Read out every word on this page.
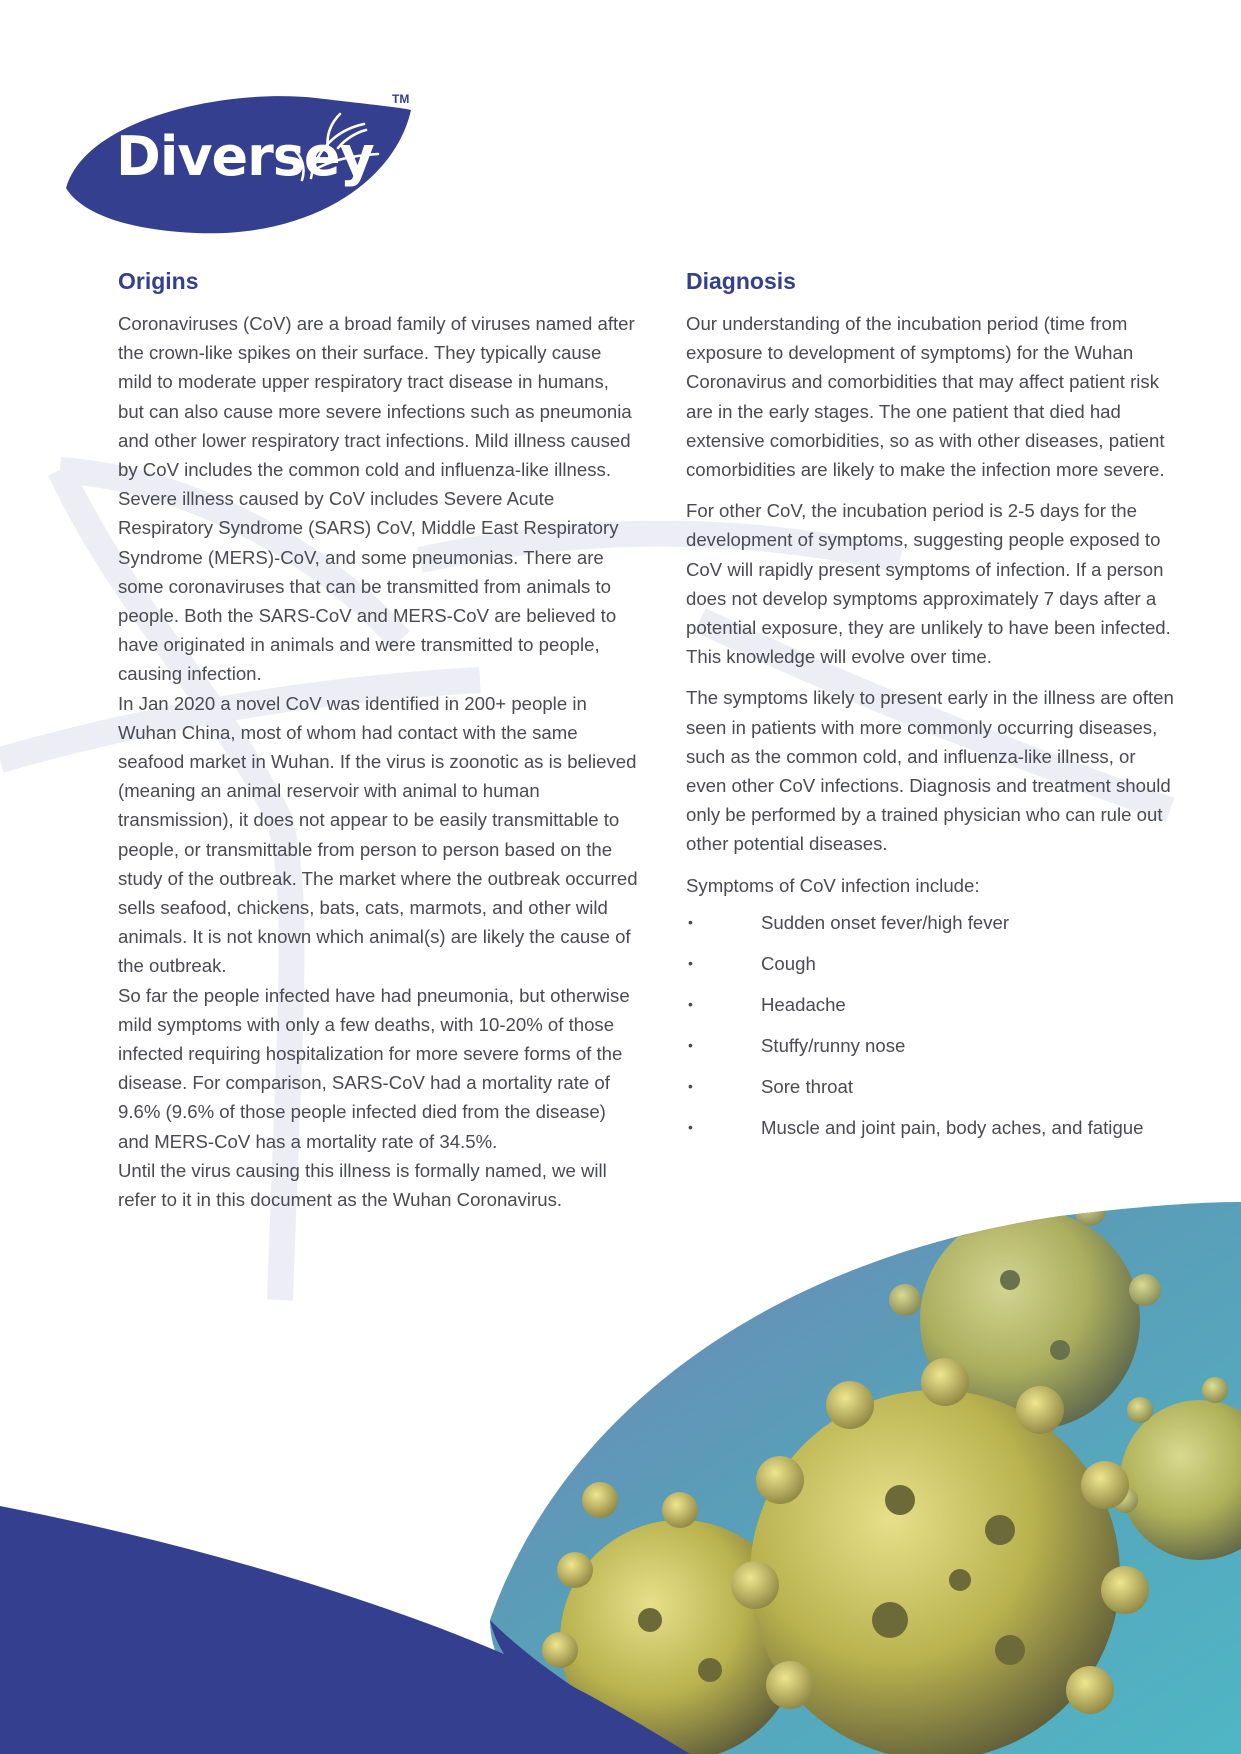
Diversey
TM
Origins

Coronaviruses (CoV) are a broad family of viruses named after the crown-like spikes on their surface. They typically cause mild to moderate upper respiratory tract disease in humans, but can also cause more severe infections such as pneumonia and other lower respiratory tract infections. Mild illness caused by CoV includes the common cold and influenza-like illness. Severe illness caused by CoV includes Severe Acute Respiratory Syndrome (SARS) CoV, Middle East Respiratory Syndrome (MERS)-CoV, and some pneumonias. There are some coronaviruses that can be transmitted from animals to people. Both the SARS-CoV and MERS-CoV are believed to have originated in animals and were transmitted to people, causing infection.

In Jan 2020 a novel CoV was identified in 200+ people in Wuhan China, most of whom had contact with the same seafood market in Wuhan. If the virus is zoonotic as is believed (meaning an animal reservoir with animal to human transmission), it does not appear to be easily transmittable to people, or transmittable from person to person based on the study of the outbreak. The market where the outbreak occurred sells seafood, chickens, bats, cats, marmots, and other wild animals. It is not known which animal(s) are likely the cause of the outbreak.

So far the people infected have had pneumonia, but otherwise mild symptoms with only a few deaths, with 10-20% of those infected requiring hospitalization for more severe forms of the disease. For comparison, SARS-CoV had a mortality rate of 9.6% (9.6% of those people infected died from the disease) and MERS-CoV has a mortality rate of 34.5%.

Until the virus causing this illness is formally named, we will refer to it in this document as the Wuhan Coronavirus.

Diagnosis

Our understanding of the incubation period (time from exposure to development of symptoms) for the Wuhan Coronavirus and comorbidities that may affect patient risk are in the early stages. The one patient that died had extensive comorbidities, so as with other diseases, patient comorbidities are likely to make the infection more severe.

For other CoV, the incubation period is 2-5 days for the development of symptoms, suggesting people exposed to CoV will rapidly present symptoms of infection. If a person does not develop symptoms approximately 7 days after a potential exposure, they are unlikely to have been infected. This knowledge will evolve over time.

The symptoms likely to present early in the illness are often seen in patients with more commonly occurring diseases, such as the common cold, and influenza-like illness, or even other CoV infections. Diagnosis and treatment should only be performed by a trained physician who can rule out other potential diseases.

Symptoms of CoV infection include:

•	Sudden onset fever/high fever
•	Cough
•	Headache
•	Stuffy/runny nose
•	Sore throat
•	Muscle and joint pain, body aches, and fatigue
